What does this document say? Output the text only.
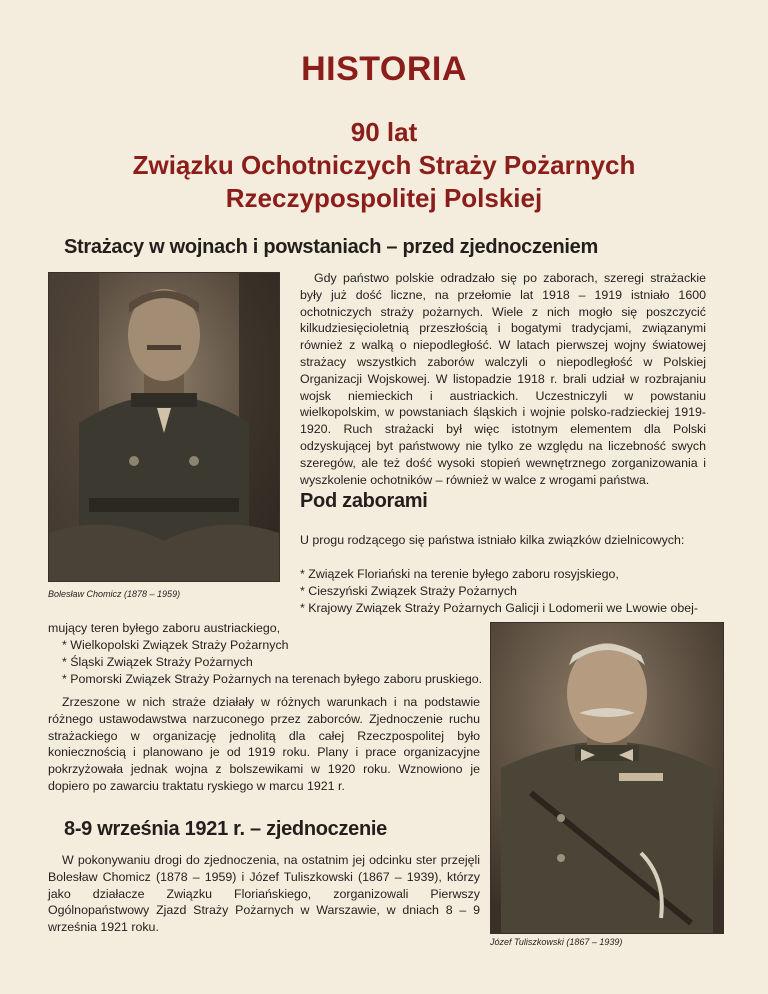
HISTORIA
90 lat
Związku Ochotniczych Straży Pożarnych
Rzeczypospolitej Polskiej
Strażacy w wojnach i powstaniach – przed zjednoczeniem

Bolesław Chomicz (1878 – 1959)

Gdy państwo polskie odradzało się po zaborach, szeregi strażackie były już dość liczne, na przełomie lat 1918 – 1919 istniało 1600 ochotniczych straży pożarnych. Wiele z nich mogło się poszczycić kilkudziesięcioletnią przeszłością i bogatymi tradycjami, związanymi również z walką o niepodległość. W latach pierwszej wojny światowej strażacy wszystkich zaborów walczyli o niepodległość w Polskiej Organizacji Wojskowej. W listopadzie 1918 r. brali udział w rozbrajaniu wojsk niemieckich i austriackich. Uczestniczyli w powstaniu wielkopolskim, w powstaniach śląskich i wojnie polsko-radzieckiej 1919-1920. Ruch strażacki był więc istotnym elementem dla Polski odzyskującej byt państwowy nie tylko ze względu na liczebność swych szeregów, ale też dość wysoki stopień wewnętrznego zorganizowania i wyszkolenie ochotników – również w walce z wrogami państwa.

Pod zaborami

U progu rodzącego się państwa istniało kilka związków dzielnicowych:

* Związek Floriański na terenie byłego zaboru rosyjskiego,
* Cieszyński Związek Straży Pożarnych
* Krajowy Związek Straży Pożarnych Galicji i Lodomerii we Lwowie obej-

mujący teren byłego zaboru austriackiego,

* Wielkopolski Związek Straży Pożarnych
* Śląski Związek Straży Pożarnych
* Pomorski Związek Straży Pożarnych na terenach byłego zaboru pruskiego.

Zrzeszone w nich straże działały w różnych warunkach i na podstawie różnego ustawodawstwa narzuconego przez zaborców. Zjednoczenie ruchu strażackiego w organizację jednolitą dla całej Rzeczpospolitej było koniecznością i planowano je od 1919 roku. Plany i prace organizacyjne pokrzyżowała jednak wojna z bolszewikami w 1920 roku. Wznowiono je dopiero po zawarciu traktatu ryskiego w marcu 1921 r.

Józef Tuliszkowski (1867 – 1939)

8-9 września 1921 r. – zjednoczenie

W pokonywaniu drogi do zjednoczenia, na ostatnim jej odcinku ster przejęli Bolesław Chomicz (1878 – 1959) i Józef Tuliszkowski (1867 – 1939), którzy jako działacze Związku Floriańskiego, zorganizowali Pierwszy Ogólnopaństwowy Zjazd Straży Pożarnych w Warszawie, w dniach 8 – 9 września 1921 roku.
